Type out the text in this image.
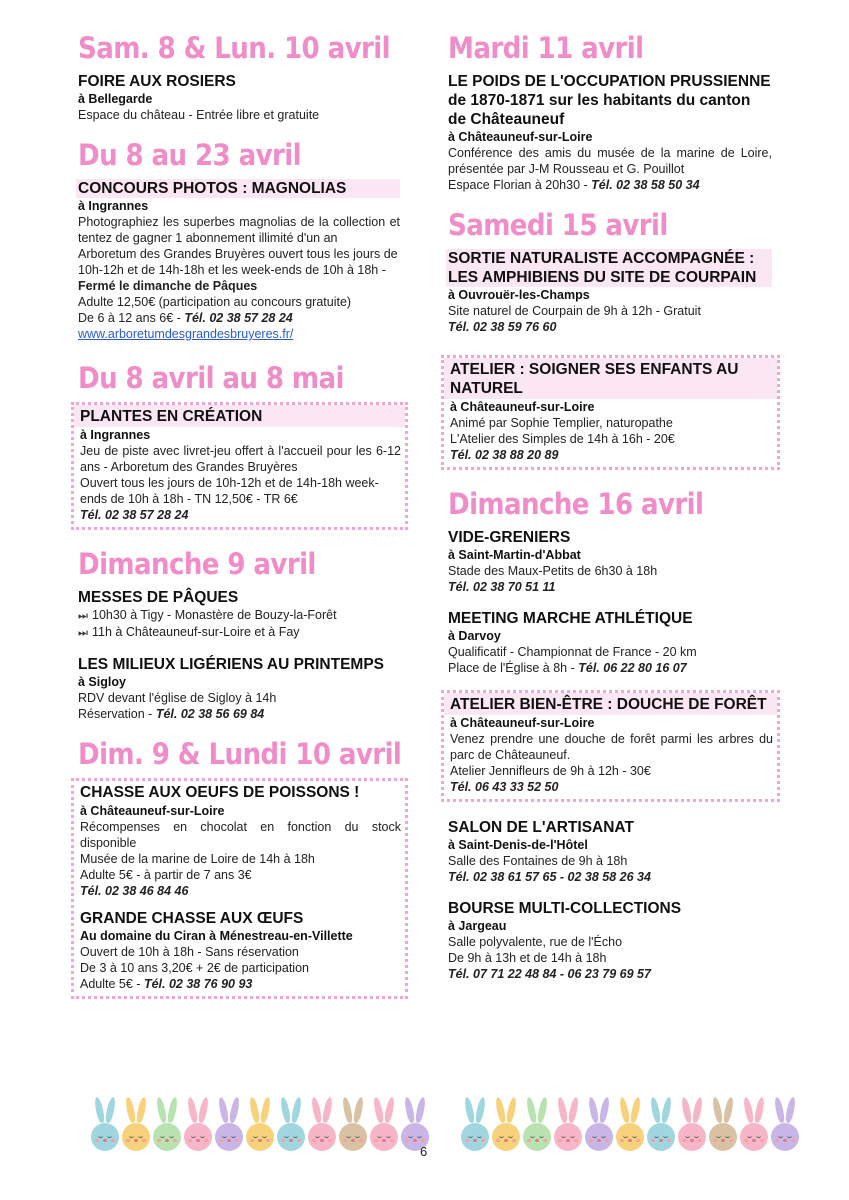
Sam. 8 & Lun. 10 avril
FOIRE AUX ROSIERS
à Bellegarde
Espace du château - Entrée libre et gratuite
Du 8 au 23 avril
CONCOURS PHOTOS : MAGNOLIAS
à Ingrannes
Photographiez les superbes magnolias de la collection et tentez de gagner 1 abonnement illimité d'un an
Arboretum des Grandes Bruyères ouvert tous les jours de 10h-12h et de 14h-18h et les week-ends de 10h à 18h - Fermé le dimanche de Pâques
Adulte 12,50€ (participation au concours gratuite)
De 6 à 12 ans 6€ - Tél. 02 38 57 28 24
www.arboretumdesgrandesbruyeres.fr/
Du 8 avril au 8 mai
PLANTES EN CRÉATION
à Ingrannes
Jeu de piste avec livret-jeu offert à l'accueil pour les 6-12 ans - Arboretum des Grandes Bruyères
Ouvert tous les jours de 10h-12h et de 14h-18h week-ends de 10h à 18h - TN 12,50€ - TR 6€
Tél. 02 38 57 28 24
Dimanche 9 avril
MESSES DE PÂQUES
⏭ 10h30 à Tigy - Monastère de Bouzy-la-Forêt
⏭ 11h à Châteauneuf-sur-Loire et à Fay
LES MILIEUX LIGÉRIENS AU PRINTEMPS
à Sigloy
RDV devant l'église de Sigloy à 14h
Réservation - Tél. 02 38 56 69 84
Dim. 9 & Lundi 10 avril
CHASSE AUX OEUFS DE POISSONS !
à Châteauneuf-sur-Loire
Récompenses en chocolat en fonction du stock disponible
Musée de la marine de Loire de 14h à 18h
Adulte 5€ - à partir de 7 ans 3€
Tél. 02 38 46 84 46
GRANDE CHASSE AUX ŒUFS
Au domaine du Ciran à Ménestreau-en-Villette
Ouvert de 10h à 18h - Sans réservation
De 3 à 10 ans 3,20€ + 2€ de participation
Adulte 5€ - Tél. 02 38 76 90 93
Mardi 11 avril
LE POIDS DE L'OCCUPATION PRUSSIENNE de 1870-1871 sur les habitants du canton de Châteauneuf
à Châteauneuf-sur-Loire
Conférence des amis du musée de la marine de Loire, présentée par J-M Rousseau et G. Pouillot
Espace Florian à 20h30 - Tél. 02 38 58 50 34
Samedi 15 avril
SORTIE NATURALISTE ACCOMPAGNÉE : LES AMPHIBIENS DU SITE DE COURPAIN
à Ouvrouër-les-Champs
Site naturel de Courpain de 9h à 12h - Gratuit
Tél. 02 38 59 76 60
ATELIER : SOIGNER SES ENFANTS AU NATUREL
à Châteauneuf-sur-Loire
Animé par Sophie Templier, naturopathe
L'Atelier des Simples de 14h à 16h - 20€
Tél. 02 38 88 20 89
Dimanche 16 avril
VIDE-GRENIERS
à Saint-Martin-d'Abbat
Stade des Maux-Petits de 6h30 à 18h
Tél. 02 38 70 51 11
MEETING MARCHE ATHLÉTIQUE
à Darvoy
Qualificatif - Championnat de France - 20 km
Place de l'Église à 8h - Tél. 06 22 80 16 07
ATELIER BIEN-ÊTRE : DOUCHE DE FORÊT
à Châteauneuf-sur-Loire
Venez prendre une douche de forêt parmi les arbres du parc de Châteauneuf.
Atelier Jennifleurs de 9h à 12h - 30€
Tél. 06 43 33 52 50
SALON DE L'ARTISANAT
à Saint-Denis-de-l'Hôtel
Salle des Fontaines de 9h à 18h
Tél. 02 38 61 57 65 - 02 38 58 26 34
BOURSE MULTI-COLLECTIONS
à Jargeau
Salle polyvalente, rue de l'Écho
De 9h à 13h et de 14h à 18h
Tél. 07 71 22 48 84 - 06 23 79 69 57
6
